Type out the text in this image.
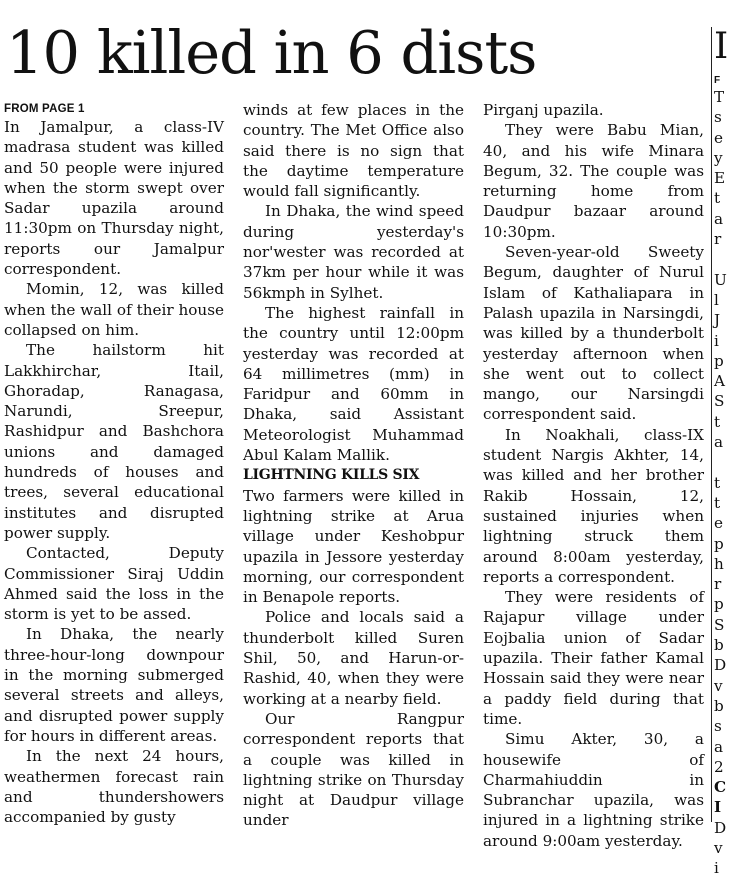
10 killed in 6 dists
FROM PAGE 1

In Jamalpur, a class-IV madrasa student was killed and 50 people were injured when the storm swept over Sadar upazila around 11:30pm on Thursday night, reports our Jamalpur correspondent.

Momin, 12, was killed when the wall of their house collapsed on him.

The hailstorm hit Lakkhirchar, Itail, Ghoradap, Ranagasa, Narundi, Sreepur, Rashidpur and Bashchora unions and damaged hundreds of houses and trees, several educational institutes and disrupted power supply.

Contacted, Deputy Commissioner Siraj Uddin Ahmed said the loss in the storm is yet to be assed.

In Dhaka, the nearly three-hour-long downpour in the morning submerged several streets and alleys, and disrupted power supply for hours in different areas.

In the next 24 hours, weathermen forecast rain and thundershowers accompanied by gusty

winds at few places in the country. The Met Office also said there is no sign that the daytime temperature would fall significantly.

In Dhaka, the wind speed during yesterday's nor'wester was recorded at 37km per hour while it was 56kmph in Sylhet.

The highest rainfall in the country until 12:00pm yesterday was recorded at 64 millimetres (mm) in Faridpur and 60mm in Dhaka, said Assistant Meteorologist Muhammad Abul Kalam Mallik.

LIGHTNING KILLS SIX

Two farmers were killed in lightning strike at Arua village under Keshobpur upazila in Jessore yesterday morning, our correspondent in Benapole reports.

Police and locals said a thunderbolt killed Suren Shil, 50, and Harun-or-Rashid, 40, when they were working at a nearby field.

Our Rangpur correspondent reports that a couple was killed in lightning strike on Thursday night at Daudpur village under

Pirganj upazila.

They were Babu Mian, 40, and his wife Minara Begum, 32. The couple was returning home from Daudpur bazaar around 10:30pm.

Seven-year-old Sweety Begum, daughter of Nurul Islam of Kathaliapara in Palash upazila in Narsingdi, was killed by a thunderbolt yesterday afternoon when she went out to collect mango, our Narsingdi correspondent said.

In Noakhali, class-IX student Nargis Akhter, 14, was killed and her brother Rakib Hossain, 12, sustained injuries when lightning struck them around 8:00am yesterday, reports a correspondent.

They were residents of Rajapur village under Eojbalia union of Sadar upazila. Their father Kamal Hossain said they were near a paddy field during that time.

Simu Akter, 30, a housewife of Charmahiuddin in Subranchar upazila, was injured in a lightning strike around 9:00am yesterday.

I
F
T
s
e
y
E
t
a
r
U
l
J
i
p
A
S
t
a
t
t
e
p
h
r
p
S
b
D
v
b
s
a
2
C
I
D
v
i
